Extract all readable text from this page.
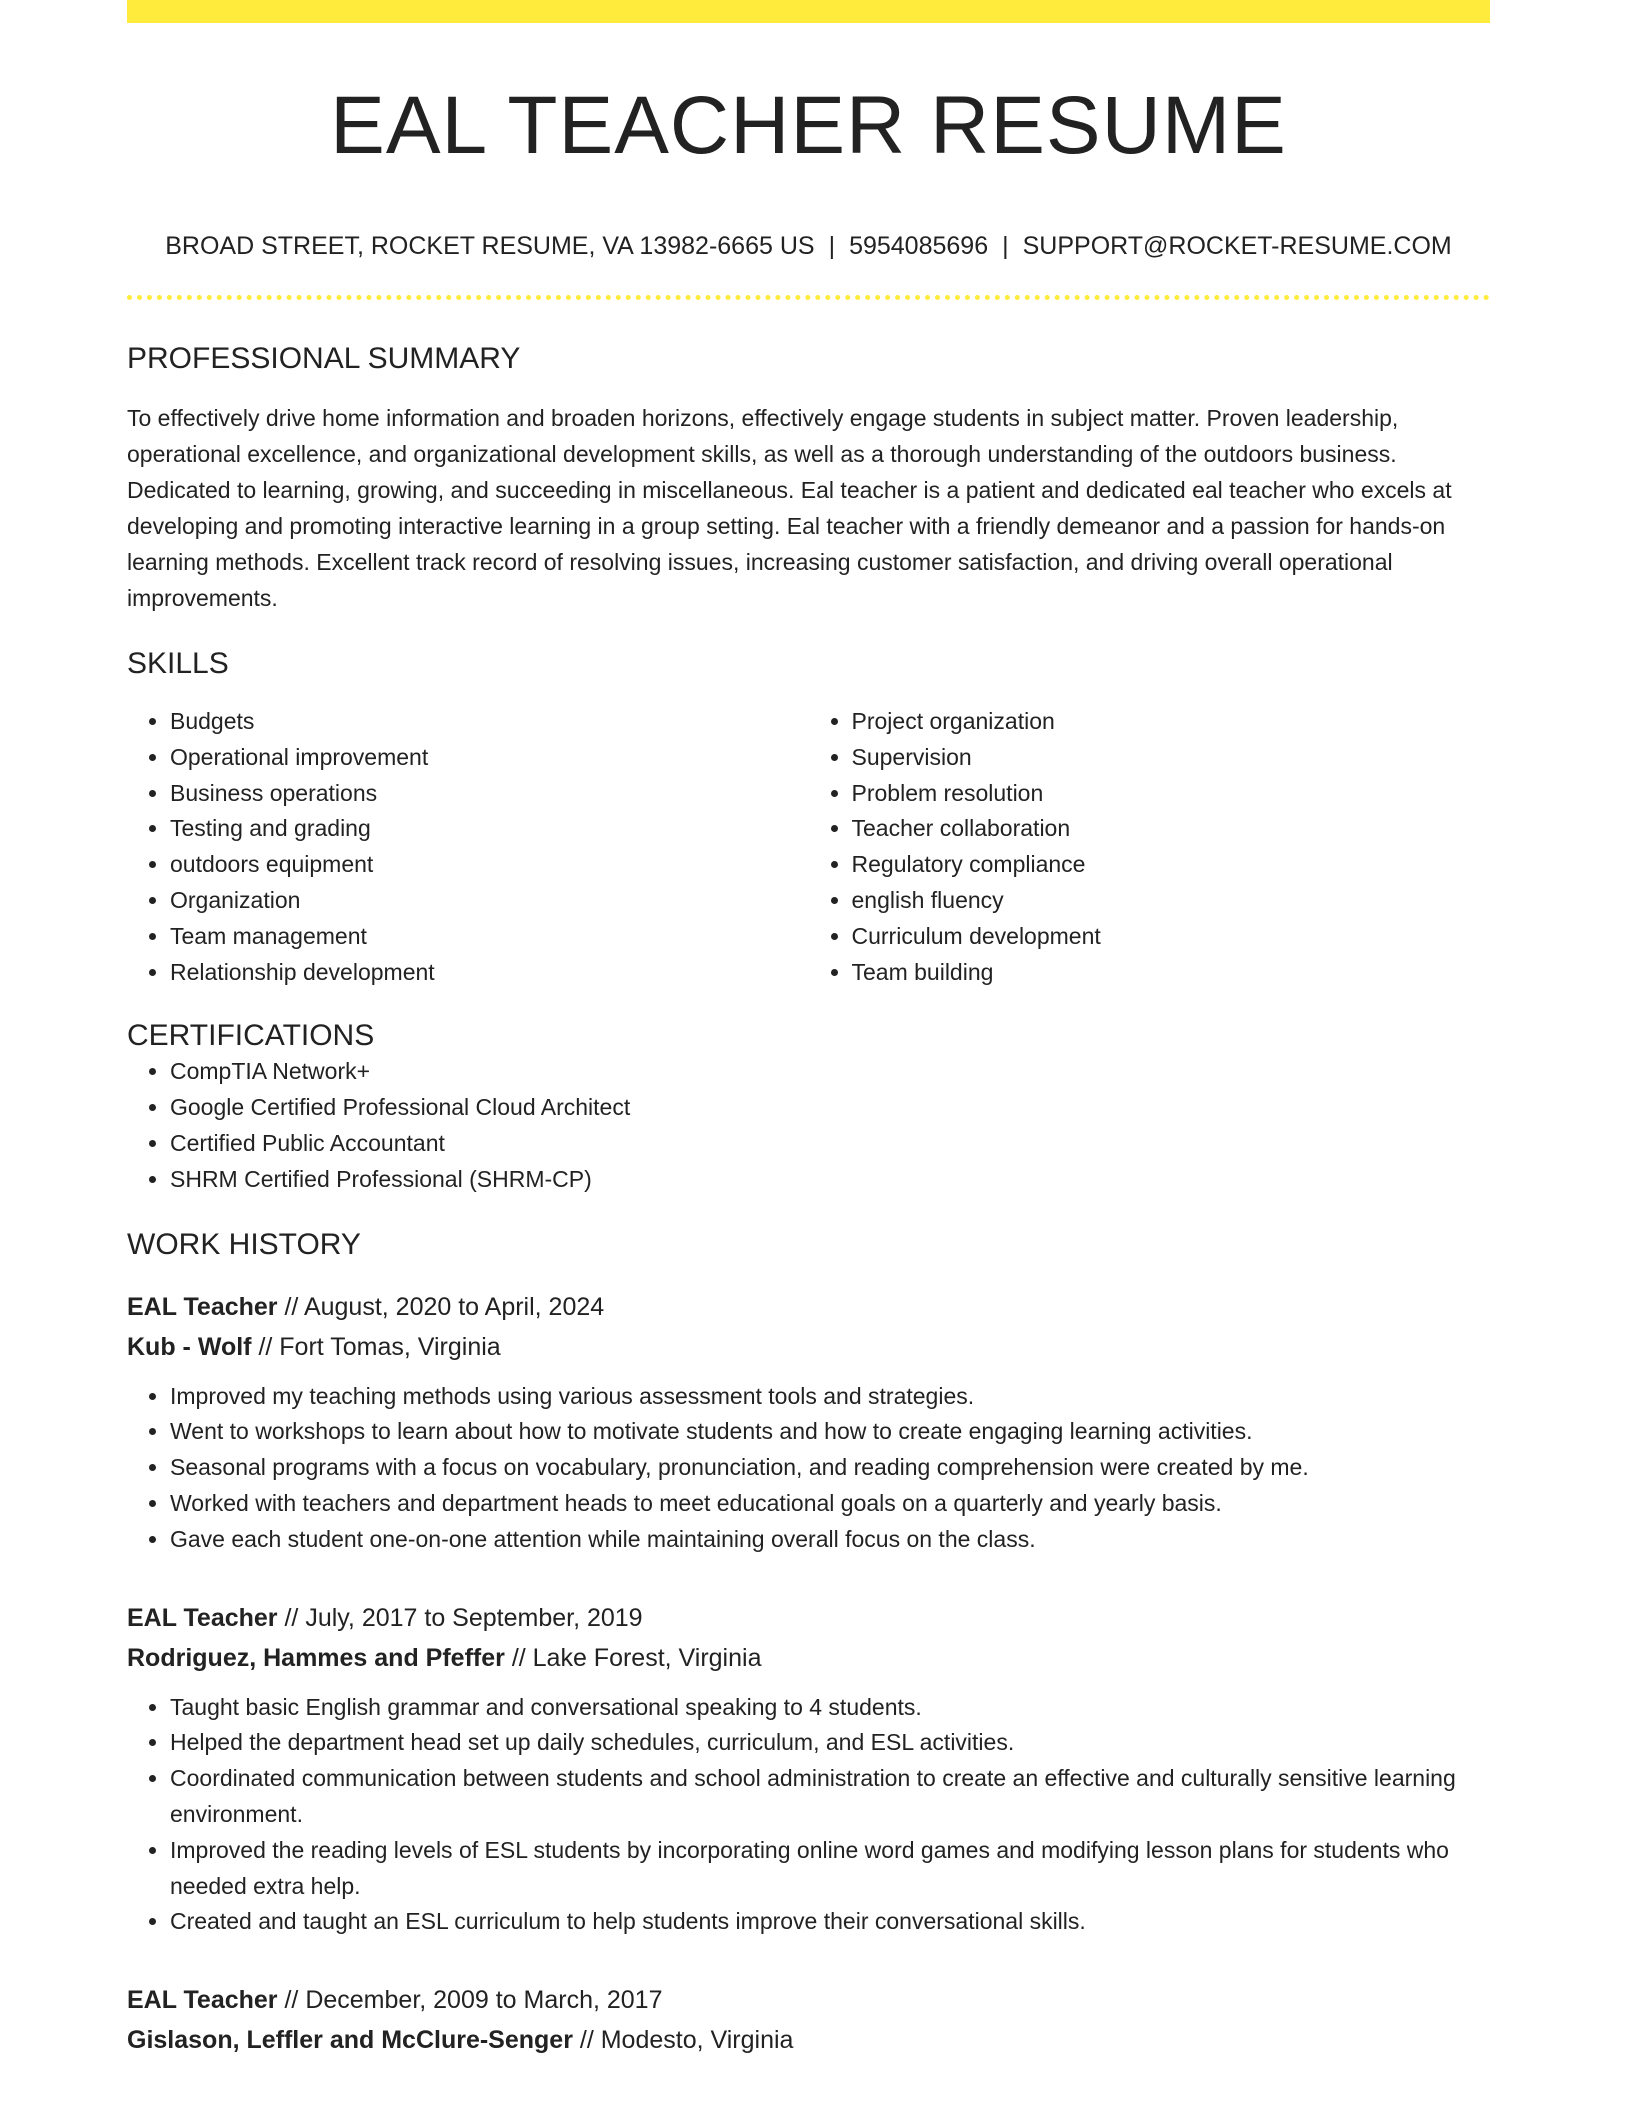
EAL TEACHER RESUME
BROAD STREET, ROCKET RESUME, VA 13982-6665 US | 5954085696 | SUPPORT@ROCKET-RESUME.COM
PROFESSIONAL SUMMARY
To effectively drive home information and broaden horizons, effectively engage students in subject matter. Proven leadership, operational excellence, and organizational development skills, as well as a thorough understanding of the outdoors business. Dedicated to learning, growing, and succeeding in miscellaneous. Eal teacher is a patient and dedicated eal teacher who excels at developing and promoting interactive learning in a group setting. Eal teacher with a friendly demeanor and a passion for hands-on learning methods. Excellent track record of resolving issues, increasing customer satisfaction, and driving overall operational improvements.
SKILLS
• Budgets
• Operational improvement
• Business operations
• Testing and grading
• outdoors equipment
• Organization
• Team management
• Relationship development
• Project organization
• Supervision
• Problem resolution
• Teacher collaboration
• Regulatory compliance
• english fluency
• Curriculum development
• Team building
CERTIFICATIONS
• CompTIA Network+
• Google Certified Professional Cloud Architect
• Certified Public Accountant
• SHRM Certified Professional (SHRM-CP)
WORK HISTORY
EAL Teacher // August, 2020 to April, 2024
Kub - Wolf // Fort Tomas, Virginia
• Improved my teaching methods using various assessment tools and strategies.
• Went to workshops to learn about how to motivate students and how to create engaging learning activities.
• Seasonal programs with a focus on vocabulary, pronunciation, and reading comprehension were created by me.
• Worked with teachers and department heads to meet educational goals on a quarterly and yearly basis.
• Gave each student one-on-one attention while maintaining overall focus on the class.
EAL Teacher // July, 2017 to September, 2019
Rodriguez, Hammes and Pfeffer // Lake Forest, Virginia
• Taught basic English grammar and conversational speaking to 4 students.
• Helped the department head set up daily schedules, curriculum, and ESL activities.
• Coordinated communication between students and school administration to create an effective and culturally sensitive learning environment.
• Improved the reading levels of ESL students by incorporating online word games and modifying lesson plans for students who needed extra help.
• Created and taught an ESL curriculum to help students improve their conversational skills.
EAL Teacher // December, 2009 to March, 2017
Gislason, Leffler and McClure-Senger // Modesto, Virginia
